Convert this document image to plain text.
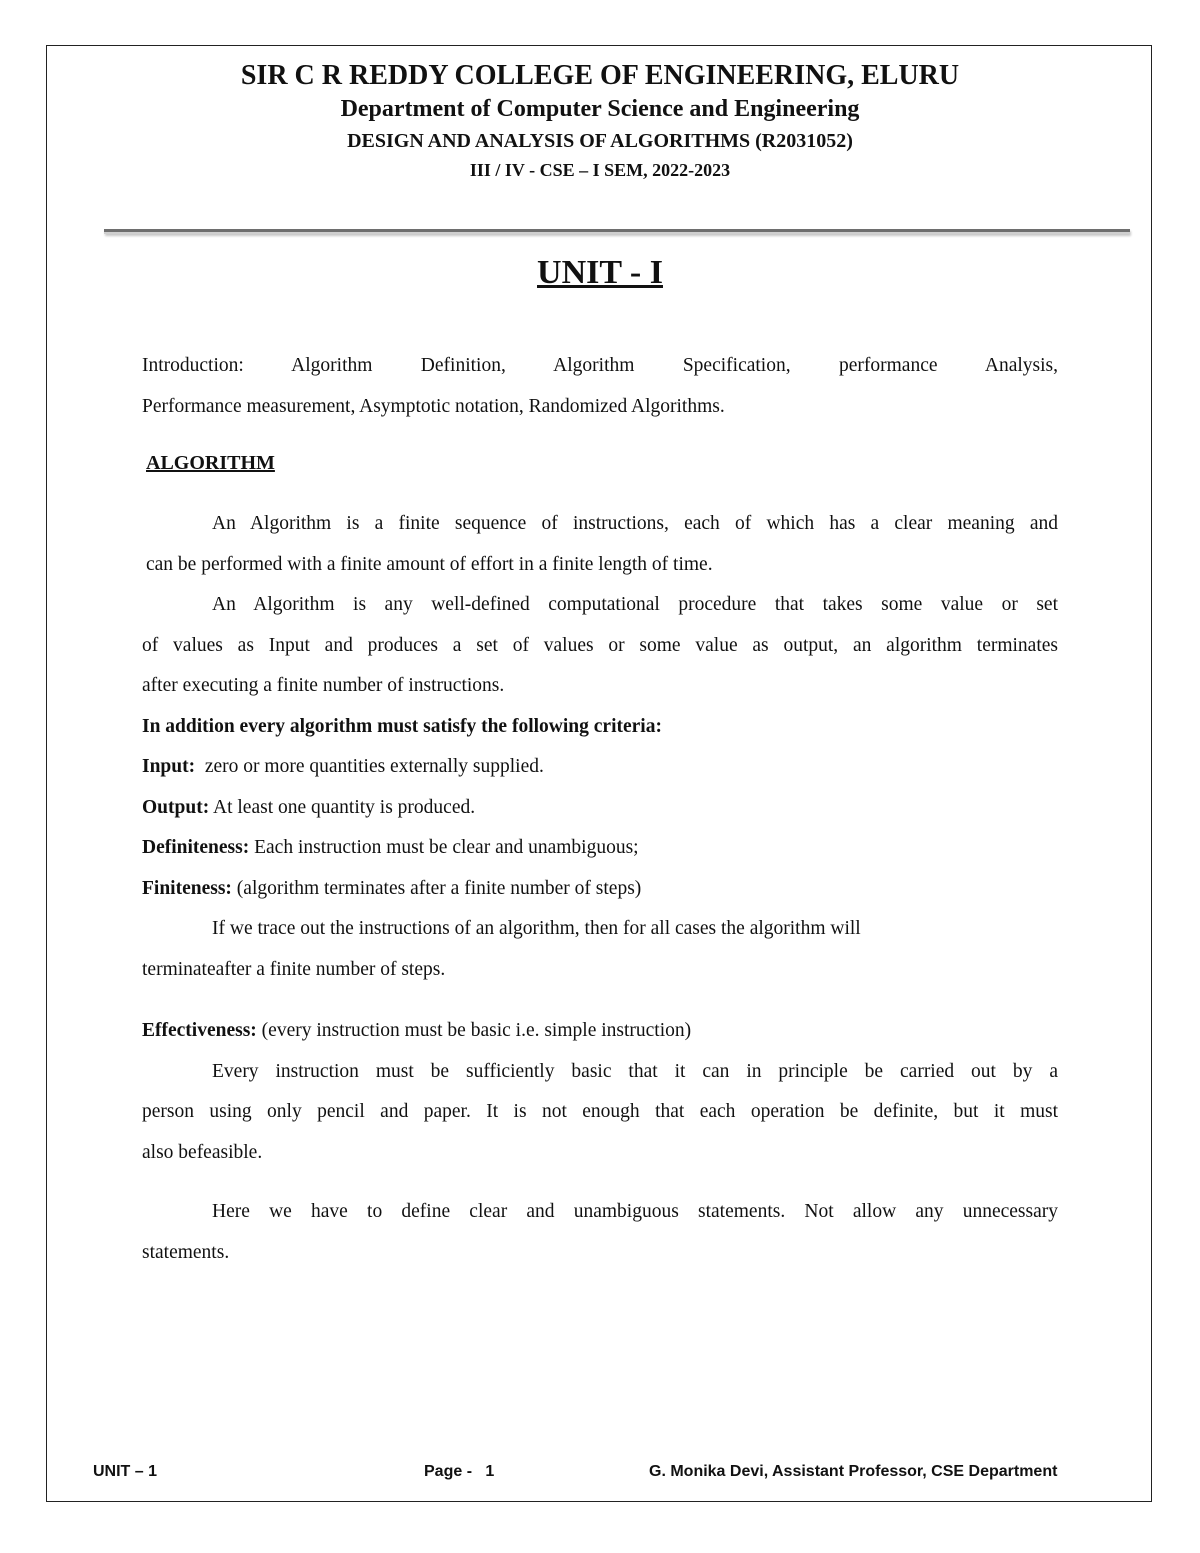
SIR C R REDDY COLLEGE OF ENGINEERING, ELURU
Department of Computer Science and Engineering
DESIGN AND ANALYSIS OF ALGORITHMS (R2031052)
III / IV - CSE – I SEM, 2022-2023
UNIT - I
Introduction: Algorithm Definition, Algorithm Specification, performance Analysis,
Performance measurement, Asymptotic notation, Randomized Algorithms.
ALGORITHM
An Algorithm is a finite sequence of instructions, each of which has a clear meaning and
can be performed with a finite amount of effort in a finite length of time.
An Algorithm is any well-defined computational procedure that takes some value or set
of values as Input and produces a set of values or some value as output, an algorithm terminates
after executing a finite number of instructions.
In addition every algorithm must satisfy the following criteria:
Input: zero or more quantities externally supplied.
Output: At least one quantity is produced.
Definiteness: Each instruction must be clear and unambiguous;
Finiteness: (algorithm terminates after a finite number of steps)
If we trace out the instructions of an algorithm, then for all cases the algorithm will
terminateafter a finite number of steps.
Effectiveness: (every instruction must be basic i.e. simple instruction)
Every instruction must be sufficiently basic that it can in principle be carried out by a
person using only pencil and paper. It is not enough that each operation be definite, but it must
also befeasible.
Here we have to define clear and unambiguous statements. Not allow any unnecessary
statements.
UNIT – 1	Page -   1	G. Monika Devi, Assistant Professor, CSE Department
